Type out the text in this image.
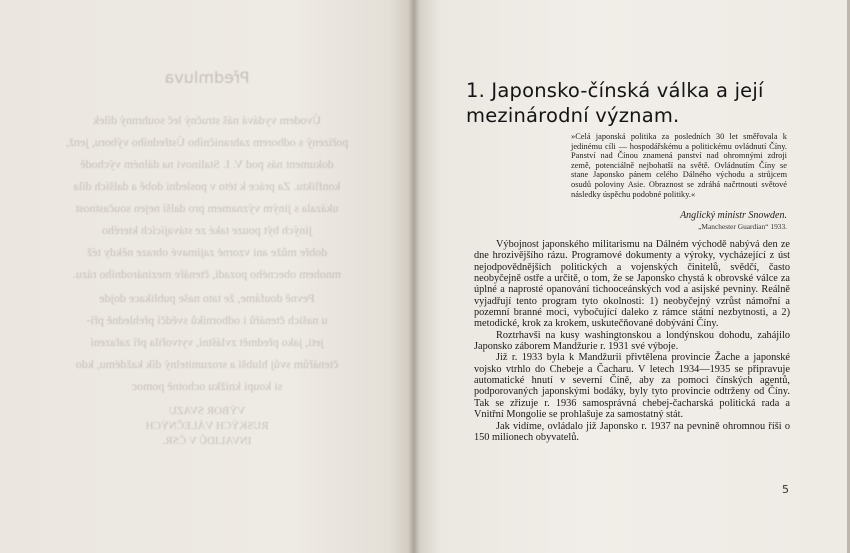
Předmluva
Úvodem vydává náš stručný leč souhrnný dílek
pořízený s odborem zahraničního Ústředního výboru, jenž,
dokument nás pod V. I. Stalinovi na dálném východě
konfliktu. Za práce k této v poslední době a dalších díla
ukázala s jiným významem pro další nejen součastnost
jiných být pouze také ze stávajících kterého
dobře může ani vzorné zajímavé obraze někdy též
mnohem obecného pozadí, čtenáře mezinárodního rázu.
Pevně doufáme, že tato naše publikace dojde
u našich čtenářů i odborníků svědčí přehledně pří-
jeti, jako předmět zvláštní, vytvořila pří zařazení
čtenářům svůj hlubší a srozumitelný dík každému, kdo
si koupí knížku ochotně pomoc
VÝBOR SVAZU
RUSKÝCH VÁLEČNÝCH
INVALIDŮ V ČSR.
1. Japonsko-čínská válka a její
mezinárodní význam.
»Celá japonská politika za posledních 30 let směřovala k jedinému cíli — hospodářskému a politickému ovládnutí Číny. Panství nad Čínou znamená panství nad ohromnými zdroji země, potenciálně nejbohatší na světě. Ovládnutím Číny se stane Japonsko pánem celého Dálného východu a strůjcem osudů poloviny Asie. Obraznost se zdráhá načrtnouti světové následky úspěchu podobné politiky.«
Anglický ministr Snowden.
„Manchester Guardian“ 1933.

Výbojnost japonského militarismu na Dálném východě nabývá den ze dne hrozivějšího rázu. Programové dokumenty a výroky, vycházející z úst nejodpovědnějších politických a vojenských činitelů, svědčí, často neobyčejně ostře a určitě, o tom, že se Japonsko chystá k obrovské válce za úplné a naprosté opanování tichooceánských vod a asijské pevniny. Reálně vyjadřují tento program tyto okolnosti: 1) neobyčejný vzrůst námořní a pozemní branné moci, vybočující daleko z rámce státní nezbytnosti, a 2) metodické, krok za krokem, uskutečňované dobývání Číny.

Roztrhavši na kusy washingtonskou a londýnskou dohodu, zahájilo Japonsko záborem Mandžurie r. 1931 své výboje.

Již r. 1933 byla k Mandžurii přivtělena provincie Žache a japonské vojsko vtrhlo do Chebeje a Čacharu. V letech 1934—1935 se připravuje automatické hnutí v severní Číně, aby za pomoci čínských agentů, podporovaných japonskými bodáky, byly tyto provincie odtrženy od Číny. Tak se zřizuje r. 1936 samosprávná chebej-čacharská politická rada a Vnitřní Mongolie se prohlašuje za samostatný stát.

Jak vidíme, ovládalo již Japonsko r. 1937 na pevnině ohromnou říši o 150 milionech obyvatelů.

5
